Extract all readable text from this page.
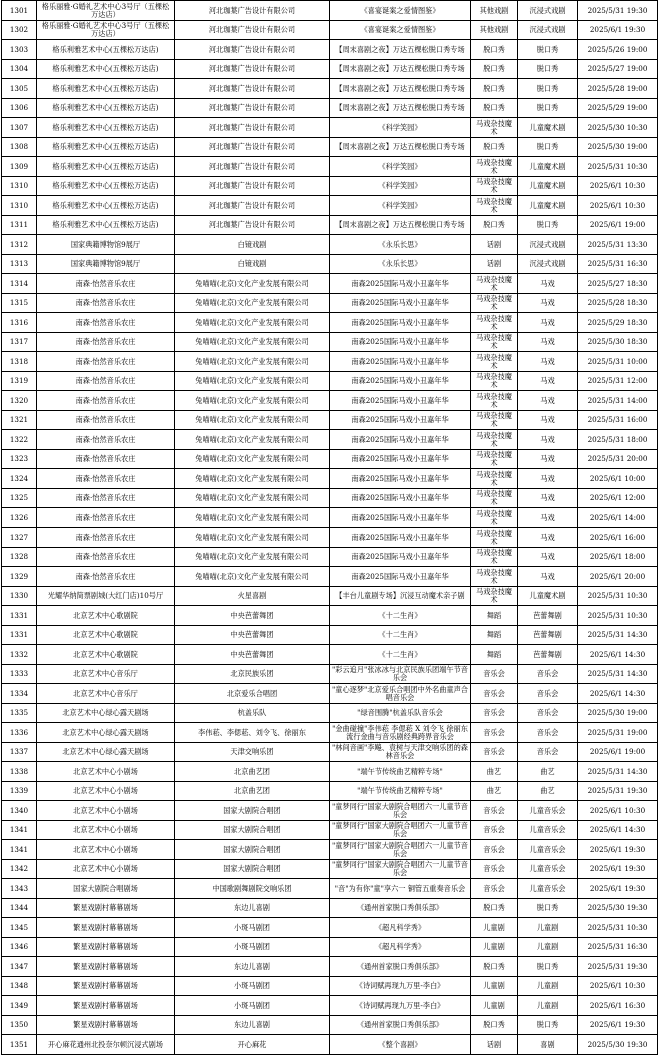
1301	格乐丽雅·G婚礼艺术中心3号厅（五棵松万达店）	河北珈葉广告设计有限公司	《喜宴诞案之爱情图鉴》	其他戏剧	沉浸式戏剧	2025/5/31 19:30
1302	格乐丽雅·G婚礼艺术中心3号厅（五棵松万达店）	河北珈葉广告设计有限公司	《喜宴诞案之爱情图鉴》	其他戏剧	沉浸式戏剧	2025/6/1 19:30
1303	格乐利雅艺术中心(五棵松万达店)	河北珈葉广告设计有限公司	【周末喜剧之夜】万达五棵松脱口秀专场	脱口秀	脱口秀	2025/5/26 19:00
1304	格乐利雅艺术中心(五棵松万达店)	河北珈葉广告设计有限公司	【周末喜剧之夜】万达五棵松脱口秀专场	脱口秀	脱口秀	2025/5/27 19:00
1305	格乐利雅艺术中心(五棵松万达店)	河北珈葉广告设计有限公司	【周末喜剧之夜】万达五棵松脱口秀专场	脱口秀	脱口秀	2025/5/28 19:00
1306	格乐利雅艺术中心(五棵松万达店)	河北珈葉广告设计有限公司	【周末喜剧之夜】万达五棵松脱口秀专场	脱口秀	脱口秀	2025/5/29 19:00
1307	格乐利雅艺术中心(五棵松万达店)	河北珈葉广告设计有限公司	《科学笑园》	马戏杂技魔术	儿童魔术剧	2025/5/30 10:30
1308	格乐利雅艺术中心(五棵松万达店)	河北珈葉广告设计有限公司	【周末喜剧之夜】万达五棵松脱口秀专场	脱口秀	脱口秀	2025/5/30 19:00
1309	格乐利雅艺术中心(五棵松万达店)	河北珈葉广告设计有限公司	《科学笑园》	马戏杂技魔术	儿童魔术剧	2025/5/31 10:30
1310	格乐利雅艺术中心(五棵松万达店)	河北珈葉广告设计有限公司	《科学笑园》	马戏杂技魔术	儿童魔术剧	2025/6/1 10:30
1310	格乐利雅艺术中心(五棵松万达店)	河北珈葉广告设计有限公司	《科学笑园》	马戏杂技魔术	儿童魔术剧	2025/6/1 10:30
1311	格乐利雅艺术中心(五棵松万达店)	河北珈葉广告设计有限公司	【周末喜剧之夜】万达五棵松脱口秀专场	脱口秀	脱口秀	2025/6/1 19:00
1312	国家典籍博物馆9展厅	白镜戏剧	《永乐长思》	话剧	沉浸式戏剧	2025/5/31 13:30
1313	国家典籍博物馆9展厅	白镜戏剧	《永乐长思》	话剧	沉浸式戏剧	2025/5/31 16:30
1314	南森·怡然音乐农庄	兔喵喵(北京)文化产业发展有限公司	南森2025国际马戏小丑嘉年华	马戏杂技魔术	马戏	2025/5/27 18:30
1315	南森·怡然音乐农庄	兔喵喵(北京)文化产业发展有限公司	南森2025国际马戏小丑嘉年华	马戏杂技魔术	马戏	2025/5/28 18:30
1316	南森·怡然音乐农庄	兔喵喵(北京)文化产业发展有限公司	南森2025国际马戏小丑嘉年华	马戏杂技魔术	马戏	2025/5/29 18:30
1317	南森·怡然音乐农庄	兔喵喵(北京)文化产业发展有限公司	南森2025国际马戏小丑嘉年华	马戏杂技魔术	马戏	2025/5/30 18:30
1318	南森·怡然音乐农庄	兔喵喵(北京)文化产业发展有限公司	南森2025国际马戏小丑嘉年华	马戏杂技魔术	马戏	2025/5/31 10:00
1319	南森·怡然音乐农庄	兔喵喵(北京)文化产业发展有限公司	南森2025国际马戏小丑嘉年华	马戏杂技魔术	马戏	2025/5/31 12:00
1320	南森·怡然音乐农庄	兔喵喵(北京)文化产业发展有限公司	南森2025国际马戏小丑嘉年华	马戏杂技魔术	马戏	2025/5/31 14:00
1321	南森·怡然音乐农庄	兔喵喵(北京)文化产业发展有限公司	南森2025国际马戏小丑嘉年华	马戏杂技魔术	马戏	2025/5/31 16:00
1322	南森·怡然音乐农庄	兔喵喵(北京)文化产业发展有限公司	南森2025国际马戏小丑嘉年华	马戏杂技魔术	马戏	2025/5/31 18:00
1323	南森·怡然音乐农庄	兔喵喵(北京)文化产业发展有限公司	南森2025国际马戏小丑嘉年华	马戏杂技魔术	马戏	2025/5/31 20:00
1324	南森·怡然音乐农庄	兔喵喵(北京)文化产业发展有限公司	南森2025国际马戏小丑嘉年华	马戏杂技魔术	马戏	2025/6/1 10:00
1325	南森·怡然音乐农庄	兔喵喵(北京)文化产业发展有限公司	南森2025国际马戏小丑嘉年华	马戏杂技魔术	马戏	2025/6/1 12:00
1326	南森·怡然音乐农庄	兔喵喵(北京)文化产业发展有限公司	南森2025国际马戏小丑嘉年华	马戏杂技魔术	马戏	2025/6/1 14:00
1327	南森·怡然音乐农庄	兔喵喵(北京)文化产业发展有限公司	南森2025国际马戏小丑嘉年华	马戏杂技魔术	马戏	2025/6/1 16:00
1328	南森·怡然音乐农庄	兔喵喵(北京)文化产业发展有限公司	南森2025国际马戏小丑嘉年华	马戏杂技魔术	马戏	2025/6/1 18:00
1329	南森·怡然音乐农庄	兔喵喵(北京)文化产业发展有限公司	南森2025国际马戏小丑嘉年华	马戏杂技魔术	马戏	2025/6/1 20:00
1330	光耀华纳简票剧城(大红门店)10号厅	火星喜剧	【丰台儿童剧专场】沉浸互动魔术亲子剧	马戏杂技魔术	儿童魔术剧	2025/5/31 10:30
1331	北京艺术中心歌剧院	中央芭蕾舞团	《十二生肖》	舞蹈	芭蕾舞剧	2025/5/31 10:30
1331	北京艺术中心歌剧院	中央芭蕾舞团	《十二生肖》	舞蹈	芭蕾舞剧	2025/5/31 14:30
1332	北京艺术中心歌剧院	中央芭蕾舞团	《十二生肖》	舞蹈	芭蕾舞剧	2025/6/1 14:30
1333	北京艺术中心音乐厅	北京民族乐团	"彩云追月"张冰冰与北京民族乐团端午节音乐会	音乐会	音乐会	2025/5/31 14:30
1334	北京艺术中心音乐厅	北京爱乐合唱团	"童心逐梦"北京爱乐合唱团中外名曲童声合唱音乐会	音乐会	音乐会	2025/6/1 14:30
1335	北京艺术中心绿心露天剧场	杭盖乐队	"绿音围腾"杭盖乐队音乐会	音乐会	音乐会	2025/5/30 19:00
1336	北京艺术中心绿心露天剧场	李伟菘、李偲菘、刘令飞、徐丽东	"金曲碰撞"李伟菘 李偲菘 X 刘令飞 徐丽东 流行金曲与音乐剧经典跨界音乐会	音乐会	音乐会	2025/5/31 19:00
1337	北京艺术中心绿心露天剧场	天津交响乐团	"林间音画"李飚、袁树与天津交响乐团的森林音乐会	音乐会	音乐会	2025/6/1 19:00
1338	北京艺术中心小剧场	北京曲艺团	"端午节传统曲艺精粹专场"	曲艺	曲艺	2025/5/31 14:30
1339	北京艺术中心小剧场	北京曲艺团	"端午节传统曲艺精粹专场"	曲艺	曲艺	2025/5/31 19:30
1340	北京艺术中心小剧场	国家大剧院合唱团	"童梦同行"国家大剧院合唱团六一儿童节音乐会	音乐会	儿童音乐会	2025/6/1 10:30
1341	北京艺术中心小剧场	国家大剧院合唱团	"童梦同行"国家大剧院合唱团六一儿童节音乐会	音乐会	儿童音乐会	2025/6/1 14:30
1341	北京艺术中心小剧场	国家大剧院合唱团	"童梦同行"国家大剧院合唱团六一儿童节音乐会	音乐会	儿童音乐会	2025/6/1 19:30
1342	北京艺术中心小剧场	国家大剧院合唱团	"童梦同行"国家大剧院合唱团六一儿童节音乐会	音乐会	儿童音乐会	2025/6/1 19:30
1343	国家大剧院合唱剧场	中国歌剧舞剧院交响乐团	"音"为有你"童"享六一 铜管五重奏音乐会	音乐会	儿童音乐会	2025/6/1 19:30
1344	繁星戏剧村幕幕剧场	东边儿喜剧	《通州首家脱口秀俱乐部》	脱口秀	脱口秀	2025/5/30 19:30
1345	繁星戏剧村幕幕剧场	小斑马剧团	《超凡科学秀》	儿童剧	儿童剧	2025/5/31 10:30
1346	繁星戏剧村幕幕剧场	小斑马剧团	《超凡科学秀》	儿童剧	儿童剧	2025/5/31 16:30
1347	繁星戏剧村幕幕剧场	东边儿喜剧	《通州首家脱口秀俱乐部》	脱口秀	脱口秀	2025/5/31 19:30
1348	繁星戏剧村幕幕剧场	小斑马剧团	《诗词赋再现九万里-李白》	儿童剧	儿童剧	2025/6/1 10:30
1349	繁星戏剧村幕幕剧场	小斑马剧团	《诗词赋再现九万里-李白》	儿童剧	儿童剧	2025/6/1 16:30
1350	繁星戏剧村幕幕剧场	东边儿喜剧	《通州首家脱口秀俱乐部》	脱口秀	脱口秀	2025/6/1 19:30
1351	开心麻花通州北投奈尔顿沉浸式剧场	开心麻花	《整个喜剧》	话剧	喜剧	2025/5/30 19:30
